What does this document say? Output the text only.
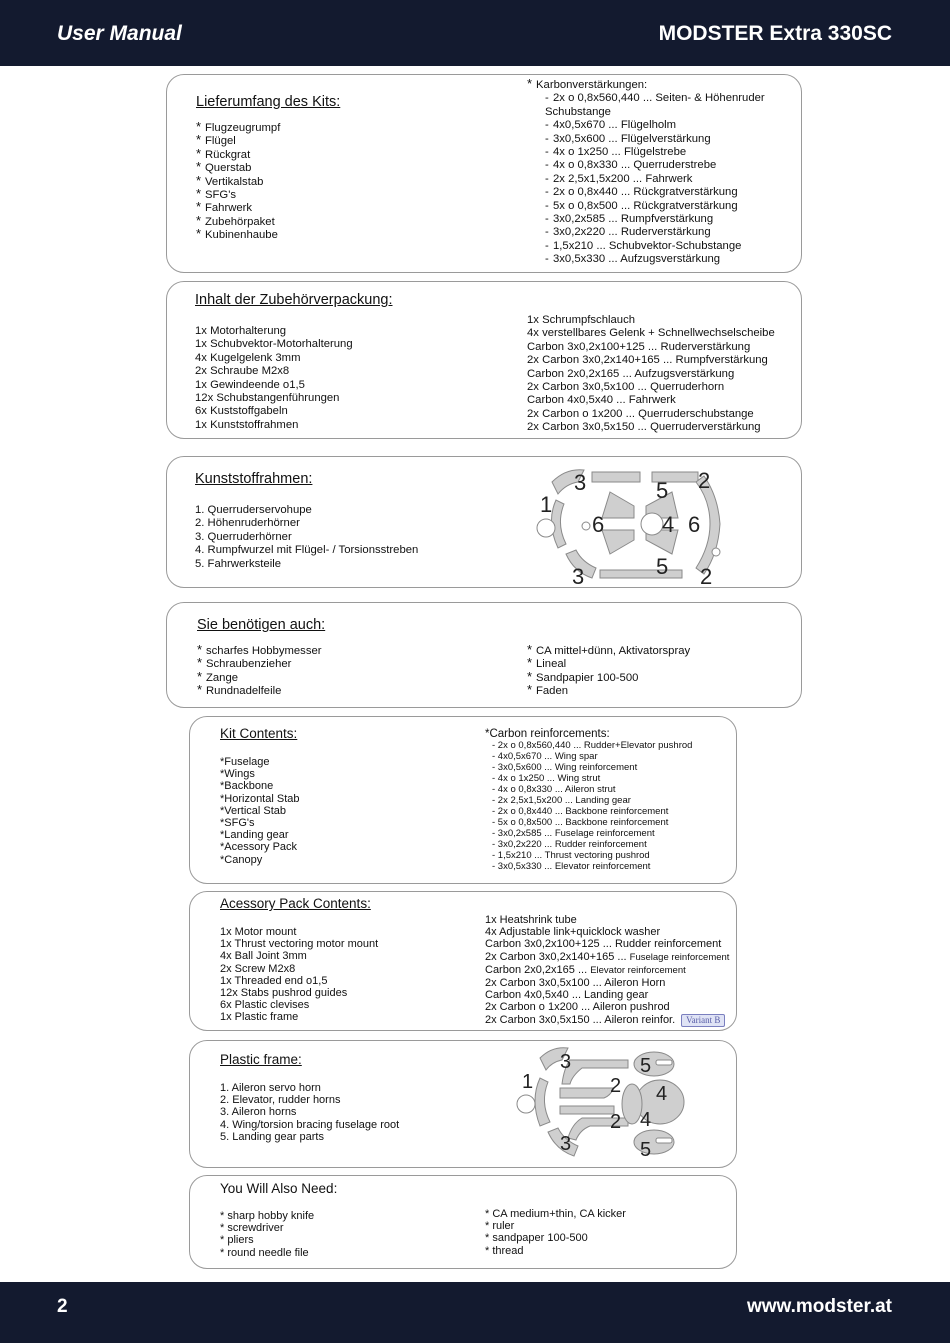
User Manual	MODSTER Extra 330SC
Lieferumfang des Kits:
* Flugzeugrumpf
* Flügel
* Rückgrat
* Querstab
* Vertikalstab
* SFG's
* Fahrwerk
* Zubehörpaket
* Kubinenhaube
* Karbonverstärkungen:
- 2x o 0,8x560,440 ... Seiten- & Höhenruder
Schubstange
- 4x0,5x670 ... Flügelholm
- 3x0,5x600 ... Flügelverstärkung
- 4x o 1x250 ... Flügelstrebe
- 4x o 0,8x330 ... Querruderstrebe
- 2x 2,5x1,5x200 ... Fahrwerk
- 2x o 0,8x440 ... Rückgratverstärkung
- 5x o 0,8x500 ... Rückgratverstärkung
- 3x0,2x585 ... Rumpfverstärkung
- 3x0,2x220 ... Ruderverstärkung
- 1,5x210 ... Schubvektor-Schubstange
- 3x0,5x330 ... Aufzugsverstärkung
Inhalt der Zubehörverpackung:
1x Motorhalterung
1x Schubvektor-Motorhalterung
4x Kugelgelenk 3mm
2x Schraube M2x8
1x Gewindeende o1,5
12x Schubstangenführungen
6x Kuststoffgabeln
1x Kunststoffrahmen
1x Schrumpfschlauch
4x verstellbares Gelenk + Schnellwechselscheibe
Carbon 3x0,2x100+125 ... Ruderverstärkung
2x Carbon 3x0,2x140+165 ... Rumpfverstärkung
Carbon 2x0,2x165 ... Aufzugsverstärkung
2x Carbon 3x0,5x100 ... Querruderhorn
Carbon 4x0,5x40 ... Fahrwerk
2x Carbon o 1x200 ... Querruderschubstange
2x Carbon 3x0,5x150 ... Querruderverstärkung
Kunststoffrahmen:
1. Querruderservohupe
2. Höhenruderhörner
3. Querruderhörner
4. Rumpfwurzel mit Flügel- / Torsionsstreben
5. Fahrwerksteile
3	2
1
5
6	4 6
3	5 2
Sie benötigen auch:
* scharfes Hobbymesser
* Schraubenzieher
* Zange
* Rundnadelfeile
* CA mittel+dünn, Aktivatorspray
* Lineal
* Sandpapier 100-500
* Faden
Kit Contents:
*Fuselage
*Wings
*Backbone
*Horizontal Stab
*Vertical Stab
*SFG's
*Landing gear
*Acessory Pack
*Canopy
*Carbon reinforcements:
- 2x o 0,8x560,440 ... Rudder+Elevator pushrod
- 4x0,5x670 ... Wing spar
- 3x0,5x600 ... Wing reinforcement
- 4x o 1x250 ... Wing strut
- 4x o 0,8x330 ... Aileron strut
- 2x 2,5x1,5x200 ... Landing gear
- 2x o 0,8x440 ... Backbone reinforcement
- 5x o 0,8x500 ... Backbone reinforcement
- 3x0,2x585 ... Fuselage reinforcement
- 3x0,2x220 ... Rudder reinforcement
- 1,5x210 ... Thrust vectoring pushrod
- 3x0,5x330 ... Elevator reinforcement
Acessory Pack Contents:
1x Motor mount
1x Thrust vectoring motor mount
4x Ball Joint 3mm
2x Screw M2x8
1x Threaded end o1,5
12x Stabs pushrod guides
6x Plastic clevises
1x Plastic frame
1x Heatshrink tube
4x Adjustable link+quicklock washer
Carbon 3x0,2x100+125 ... Rudder reinforcement
2x Carbon 3x0,2x140+165 ... Fuselage reinforcement
Carbon 2x0,2x165 ... Elevator reinforcement
2x Carbon 3x0,5x100 ... Aileron Horn
Carbon 4x0,5x40 ... Landing gear
2x Carbon o 1x200 ... Aileron pushrod
2x Carbon 3x0,5x150 ... Aileron reinfor. Variant B
Plastic frame:
1. Aileron servo horn
2. Elevator, rudder horns
3. Aileron horns
4. Wing/torsion bracing fuselage root
5. Landing gear parts
3	5
1	2 4
2 4
3	5
You Will Also Need:
* sharp hobby knife
* screwdriver
* pliers
* round needle file
* CA medium+thin, CA kicker
* ruler
* sandpaper 100-500
* thread
2	www.modster.at
